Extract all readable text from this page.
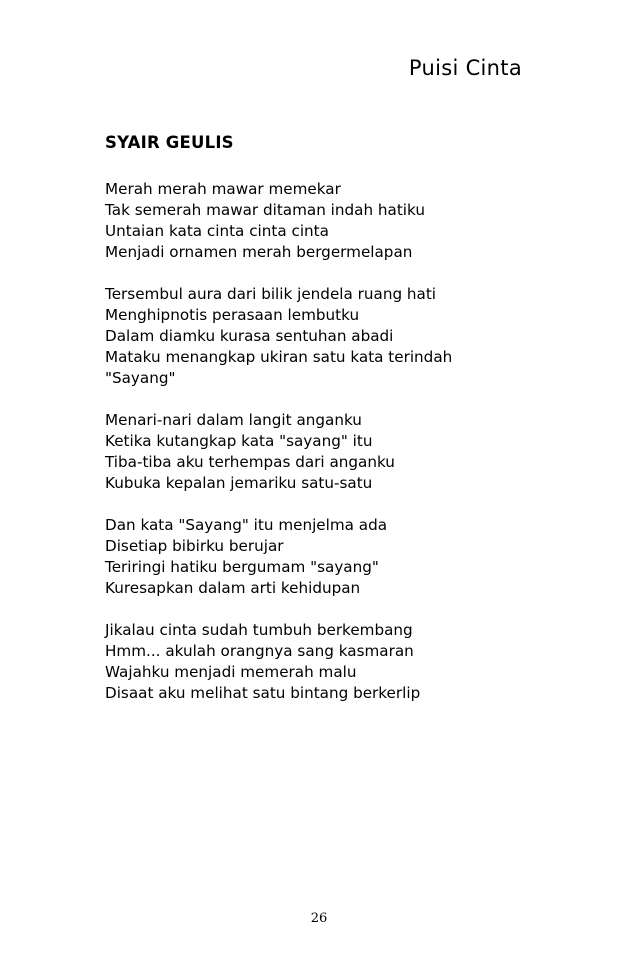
Puisi Cinta
SYAIR GEULIS
Merah merah mawar memekar
Tak semerah mawar ditaman indah hatiku
Untaian kata cinta cinta cinta
Menjadi ornamen merah bergermelapan
Tersembul aura dari bilik jendela ruang hati
Menghipnotis perasaan lembutku
Dalam diamku kurasa sentuhan abadi
Mataku menangkap ukiran satu kata terindah
"Sayang"
Menari-nari dalam langit anganku
Ketika kutangkap kata "sayang" itu
Tiba-tiba aku terhempas dari anganku
Kubuka kepalan jemariku satu-satu
Dan kata "Sayang" itu menjelma ada
Disetiap bibirku berujar
Teriringi hatiku bergumam "sayang"
Kuresapkan dalam arti kehidupan
Jikalau cinta sudah tumbuh berkembang
Hmm... akulah orangnya sang kasmaran
Wajahku menjadi memerah malu
Disaat aku melihat satu bintang berkerlip
26
